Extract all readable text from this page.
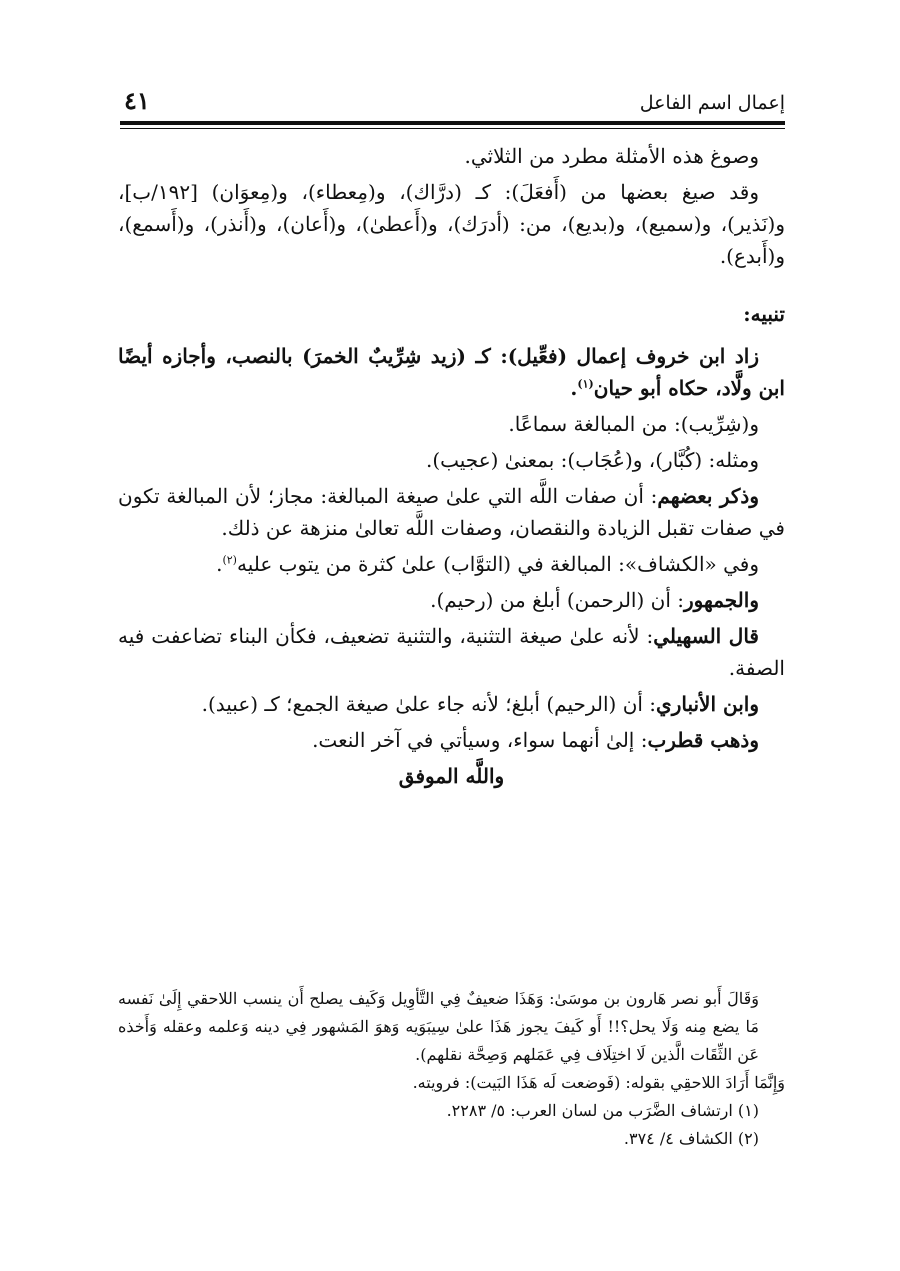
إعمال اسم الفاعل
٤١

وصوغ هذه الأمثلة مطرد من الثلاثي.

وقد صيغ بعضها من (أَفعَلَ): كـ (درَّاك)، و(مِعطاء)، و(مِعوَان) [١٩٢/ب]، و(نَذير)، و(سميع)، و(بديع)، من: (أدرَك)، و(أَعطىٰ)، و(أَعان)، و(أَنذر)، و(أَسمع)، و(أَبدع).

تنبيه:

زاد ابن خروف إعمال (فعِّيل): كـ (زيد شِرِّيبٌ الخمرَ) بالنصب، وأجازه أيضًا ابن ولَّاد، حكاه أبو حيان$^{(١)}$.

و(شِرِّيب): من المبالغة سماعًا.

ومثله: (كُبَّار)، و(عُجَاب): بمعنىٰ (عجيب).

وذكر بعضهم: أن صفات اللَّه التي علىٰ صيغة المبالغة: مجاز؛ لأن المبالغة تكون في صفات تقبل الزيادة والنقصان، وصفات اللَّه تعالىٰ منزهة عن ذلك.

وفي «الكشاف»: المبالغة في (التوَّاب) علىٰ كثرة من يتوب عليه$^{(٢)}$.

والجمهور: أن (الرحمن) أبلغ من (رحيم).

قال السهيلي: لأنه علىٰ صيغة التثنية، والتثنية تضعيف، فكأن البناء تضاعفت فيه الصفة.

وابن الأنباري: أن (الرحيم) أبلغ؛ لأنه جاء علىٰ صيغة الجمع؛ كـ (عبيد).

وذهب قطرب: إلىٰ أنهما سواء، وسيأتي في آخر النعت.

واللَّه الموفق

وَقَالَ أَبو نصر هَارون بن موسَىٰ: وَهَذَا ضعيفٌ فِي التَّأوِيل وَكَيف يصلح أَن ينسب اللاحقي إِلَىٰ نَفسه مَا يضع مِنه وَلَا يحل؟!! أَو كَيفَ يجوز هَذَا علىٰ سِيبَوَيه وَهوَ المَشهور فِي دينه وَعلمه وعقله وَأَخذه عَن الثِّقَات الَّذين لَا اختِلَاف فِي عَمَلهم وَصِحَّة نقلهم).

وَإِنَّمَا أَرَادَ اللاحقِي بقوله: (فَوضعت لَه هَذَا البَيت): فرويته.

(١) ارتشاف الضَّرَب من لسان العرب: ٥/ ٢٢٨٣.

(٢) الكشاف ٤/ ٣٧٤.
